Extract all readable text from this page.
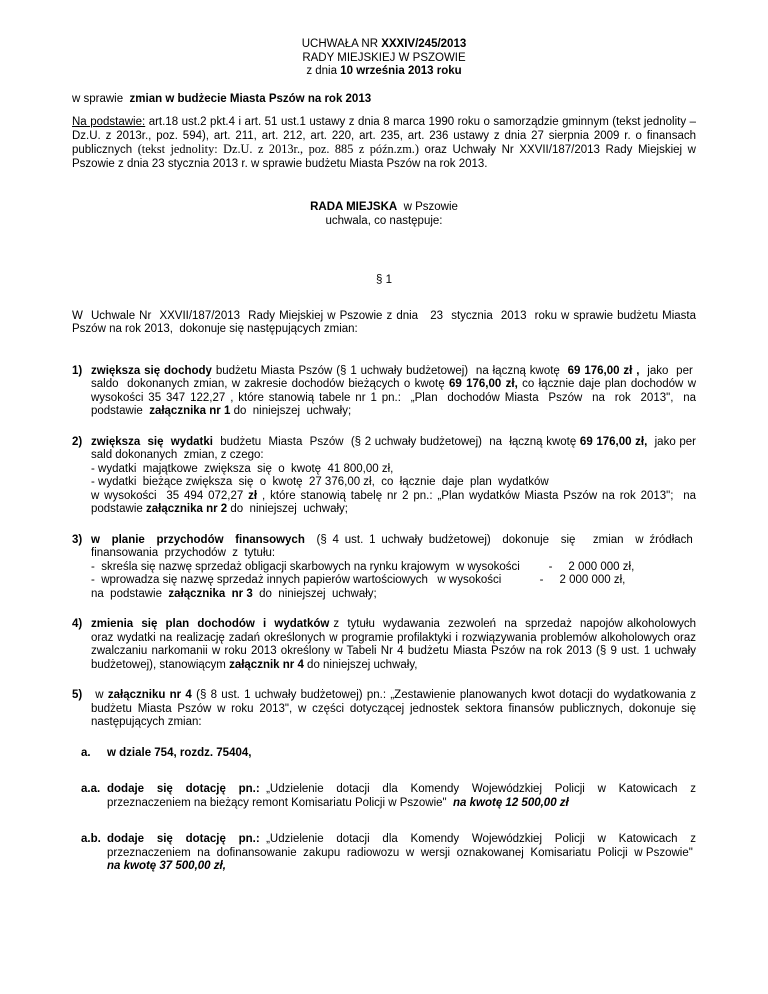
UCHWAŁA NR XXXIV/245/2013
RADY MIEJSKIEJ W PSZOWIE
z dnia 10 września 2013 roku

w sprawie  zmian w budżecie Miasta Pszów na rok 2013

Na podstawie: art.18 ust.2 pkt.4 i art. 51 ust.1 ustawy z dnia 8 marca 1990 roku o samorządzie gminnym (tekst jednolity – Dz.U. z 2013r., poz. 594), art. 211, art. 212, art. 220, art. 235, art. 236 ustawy z dnia 27 sierpnia 2009 r. o finansach publicznych (tekst jednolity: Dz.U. z 2013r., poz. 885 z późn.zm.) oraz Uchwały Nr XXVII/187/2013 Rady Miejskiej w Pszowie z dnia 23 stycznia 2013 r. w sprawie budżetu Miasta Pszów na rok 2013.

RADA MIEJSKA  w Pszowie
uchwala, co następuje:
§ 1

W  Uchwale Nr  XXVII/187/2013  Rady Miejskiej w Pszowie z dnia   23  stycznia  2013  roku w sprawie budżetu Miasta Pszów na rok 2013,  dokonuje się następujących zmian:

1) zwiększa się dochody budżetu Miasta Pszów (§ 1 uchwały budżetowej)  na łączną kwotę  69 176,00 zł ,  jako  per  saldo  dokonanych zmian, w zakresie dochodów bieżących o kwotę 69 176,00 zł, co łącznie daje plan dochodów w wysokości 35 347 122,27 , które stanowią tabele nr 1 pn.:  „Plan  dochodów Miasta  Pszów  na  rok  2013",  na podstawie  załącznika nr 1 do  niniejszej  uchwały;
2) zwiększa  się  wydatki  budżetu  Miasta  Pszów  (§ 2 uchwały budżetowej)  na  łączną kwotę 69 176,00 zł,  jako per sald dokonanych  zmian, z czego:
- wydatki  majątkowe  zwiększa  się  o  kwotę  41 800,00 zł,
- wydatki  bieżące zwiększa  się  o  kwotę  27 376,00 zł,  co  łącznie  daje  plan  wydatków
w wysokości  35 494 072,27 zł , które stanowią tabelę nr 2 pn.: „Plan wydatków Miasta Pszów na rok 2013";  na podstawie załącznika nr 2 do  niniejszej  uchwały;
3) w  planie  przychodów  finansowych  (§ 4 ust. 1 uchwały budżetowej)  dokonuje  się   zmian  w źródłach  finansowania  przychodów  z  tytułu:
-  skreśla się nazwę sprzedaż obligacji skarbowych na rynku krajowym  w wysokości         -     2 000 000 zł,
-  wprowadza się nazwę sprzedaż innych papierów wartościowych   w wysokości            -     2 000 000 zł,
na  podstawie  załącznika  nr 3  do  niniejszej  uchwały;
4) zmienia  się  plan  dochodów  i  wydatków z  tytułu  wydawania  zezwoleń  na  sprzedaż  napojów alkoholowych oraz wydatki na realizację zadań określonych w programie profilaktyki i rozwiązywania problemów alkoholowych oraz zwalczaniu narkomanii w roku 2013 określony w Tabeli Nr 4 budżetu Miasta Pszów na rok 2013 (§ 9 ust. 1 uchwały budżetowej), stanowiącym załącznik nr 4 do niniejszej uchwały,
5) w załączniku nr 4 (§ 8 ust. 1 uchwały budżetowej) pn.: „Zestawienie planowanych kwot dotacji do wydatkowania z budżetu Miasta Pszów w roku 2013", w części dotyczącej jednostek sektora finansów publicznych, dokonuje się następujących zmian:
a.	w dziale 754, rozdz. 75404,
a.a. dodaje  się  dotację  pn.: „Udzielenie  dotacji  dla  Komendy  Wojewódzkiej  Policji  w  Katowicach  z przeznaczeniem na bieżący remont Komisariatu Policji w Pszowie"  na kwotę 12 500,00 zł
a.b. dodaje  się  dotację  pn.: „Udzielenie  dotacji  dla  Komendy  Wojewódzkiej  Policji  w  Katowicach  z przeznaczeniem  na  dofinansowanie  zakupu  radiowozu  w  wersji  oznakowanej  Komisariatu  Policji  w Pszowie"  na kwotę 37 500,00 zł,
